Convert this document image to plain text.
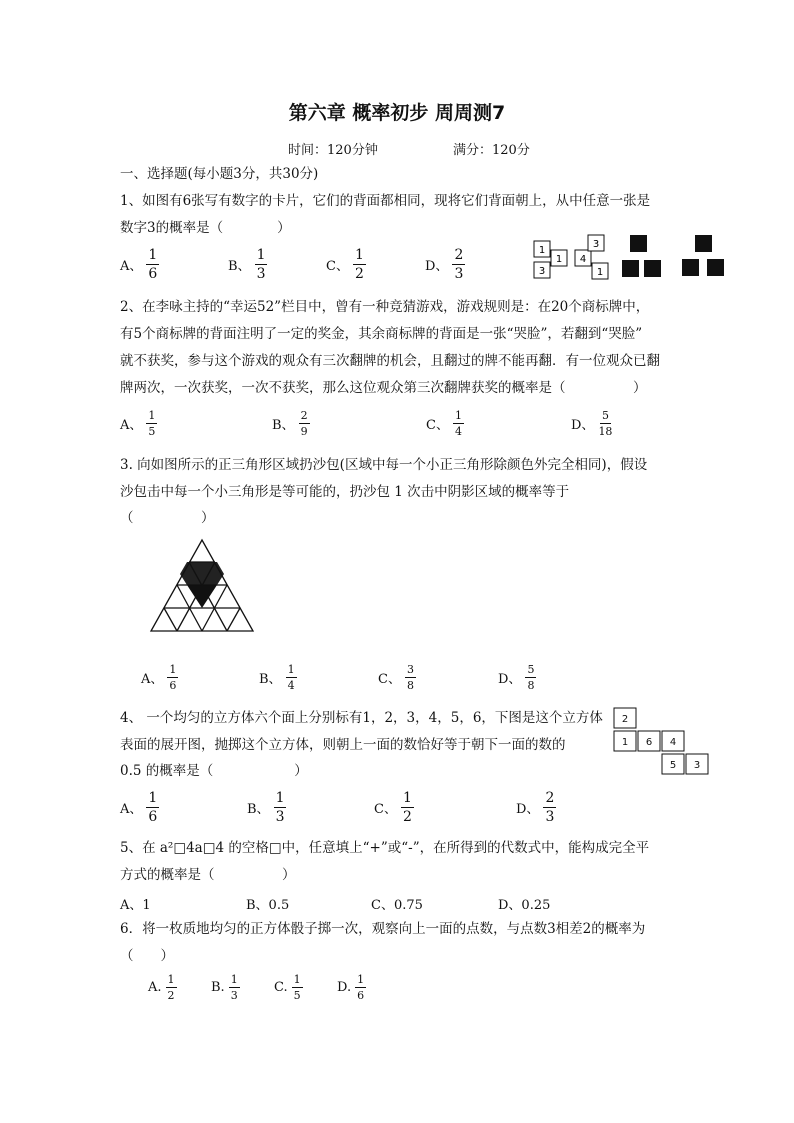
第六章 概率初步 周周测7
时间：120分钟	满分：120分
一、选择题(每小题3分，共30分)
1、如图有6张写有数字的卡片，它们的背面都相同，现将它们背面朝上，从中任意一张是
数字3的概率是（　　　　）
A、 $\frac{1}{6}$	B、 $\frac{1}{3}$	C、 $\frac{1}{2}$	D、 $\frac{2}{3}$	1
3
1 4
3
1
2、在李咏主持的“幸运52”栏目中，曾有一种竞猜游戏，游戏规则是：在20个商标牌中，
有5个商标牌的背面注明了一定的奖金，其余商标牌的背面是一张“哭脸”，若翻到“哭脸”
就不获奖，参与这个游戏的观众有三次翻牌的机会，且翻过的牌不能再翻．有一位观众已翻
牌两次，一次获奖，一次不获奖，那么这位观众第三次翻牌获奖的概率是（　　　　　）
A、 $\frac{1}{5}$	B、 $\frac{2}{9}$	C、 $\frac{1}{4}$	D、 $\frac{5}{18}$
3. 向如图所示的正三角形区域扔沙包(区域中每一个小正三角形除颜色外完全相同)，假设
沙包击中每一个小三角形是等可能的，扔沙包 1 次击中阴影区域的概率等于
（　　　　　）
A、 $\frac{1}{6}$	B、 $\frac{1}{4}$	C、 $\frac{3}{8}$	D、 $\frac{5}{8}$
4、 一个均匀的立方体六个面上分别标有1，2，3，4，5，6，下图是这个立方体
表面的展开图，抛掷这个立方体，则朝上一面的数恰好等于朝下一面的数的
0.5 的概率是（　　　　　　）
2
1 6 4
5 3
A、 $\frac{1}{6}$	B、 $\frac{1}{3}$	C、 $\frac{1}{2}$	D、 $\frac{2}{3}$
5、在 a²□4a□4 的空格□中，任意填上“+”或“-”，在所得到的代数式中，能构成完全平
方式的概率是（　　　　　）
A、1	B、0.5	C、0.75	D、0.25
6．将一枚质地均匀的正方体骰子掷一次，观察向上一面的点数，与点数3相差2的概率为
（　　）
A. $\frac{1}{2}$	B. $\frac{1}{3}$	C. $\frac{1}{5}$	D. $\frac{1}{6}$
